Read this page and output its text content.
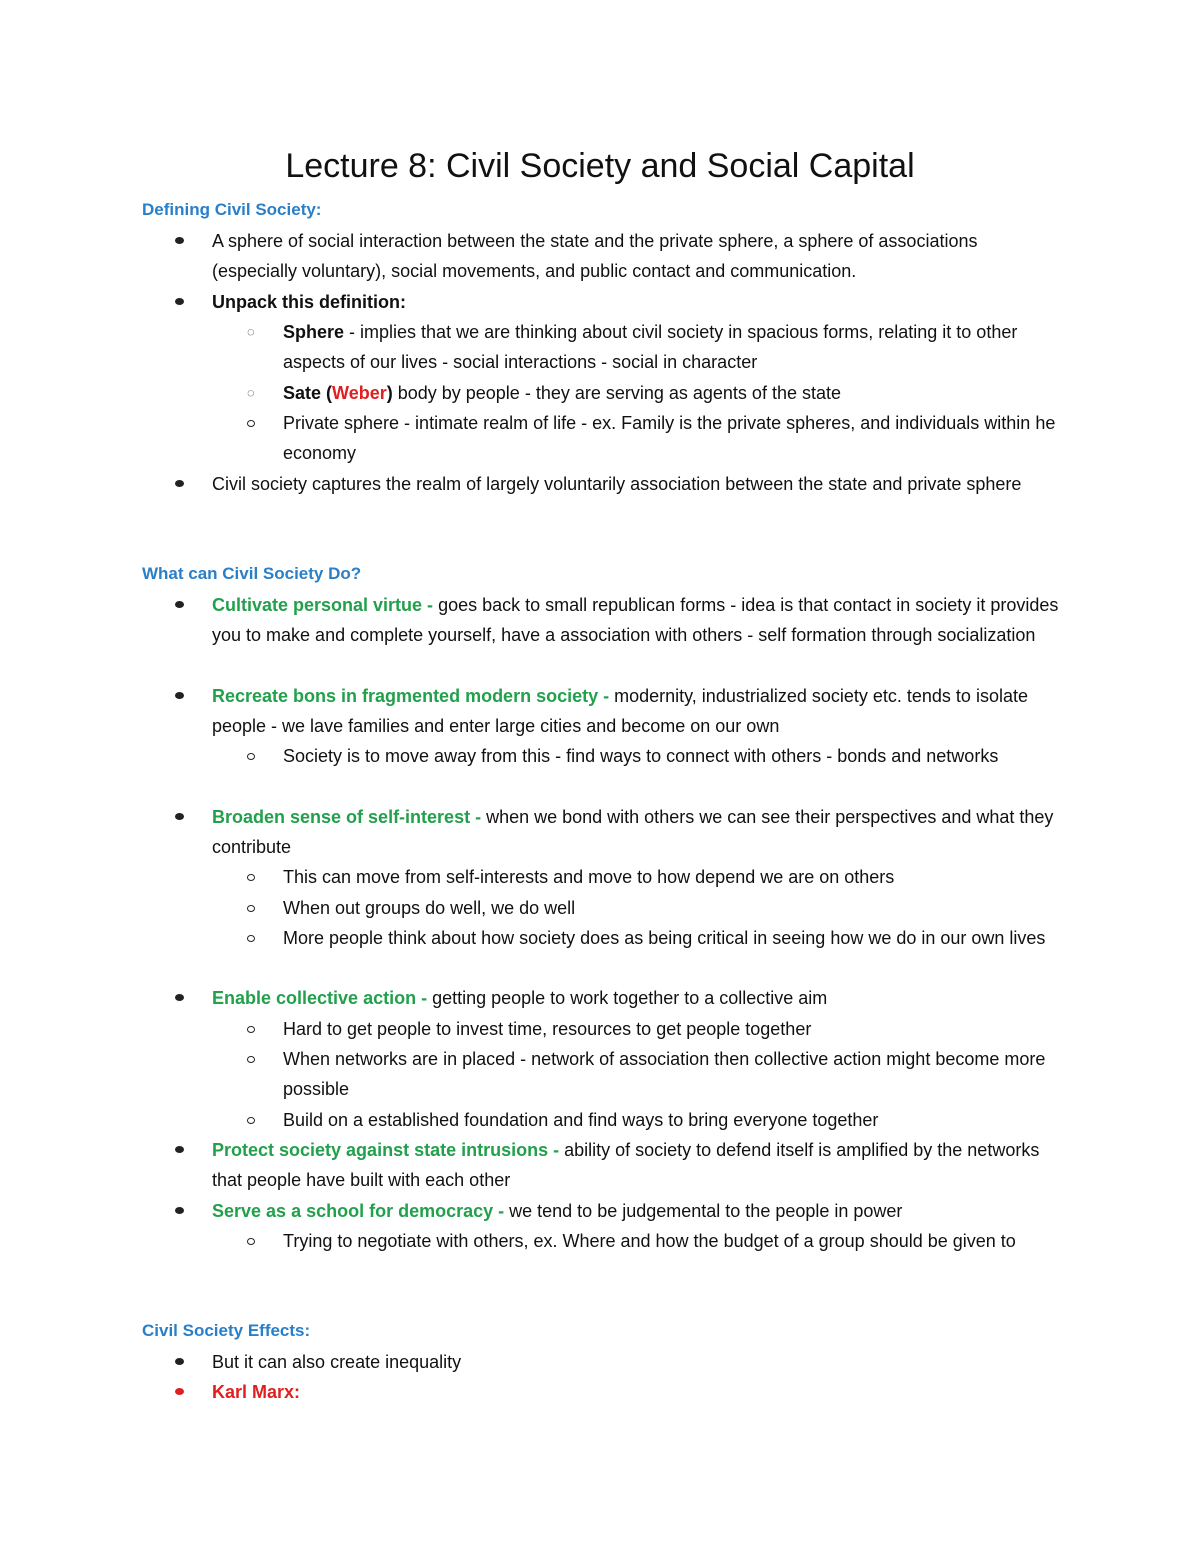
Lecture 8: Civil Society and Social Capital
Defining Civil Society:
A sphere of social interaction between the state and the private sphere, a sphere of associations (especially voluntary), social movements, and public contact and communication.
Unpack this definition:
◌ Sphere - implies that we are thinking about civil society in spacious forms, relating it to other aspects of our lives - social interactions - social in character
◌ Sate (Weber) body by people - they are serving as agents of the state
Private sphere - intimate realm of life - ex. Family is the private spheres, and individuals within he economy
Civil society captures the realm of largely voluntarily association between the state and private sphere
What can Civil Society Do?
Cultivate personal virtue - goes back to small republican forms - idea is that contact in society it provides you to make and complete yourself, have a association with others - self formation through socialization
Recreate bons in fragmented modern society - modernity, industrialized society etc. tends to isolate people - we lave families and enter large cities and become on our own
Society is to move away from this - find ways to connect with others - bonds and networks
Broaden sense of self-interest - when we bond with others we can see their perspectives and what they contribute
This can move from self-interests and move to how depend we are on others
When out groups do well, we do well
More people think about how society does as being critical in seeing how we do in our own lives
Enable collective action - getting people to work together to a collective aim
Hard to get people to invest time, resources to get people together
When networks are in placed - network of association then collective action might become more possible
Build on a established foundation and find ways to bring everyone together
Protect society against state intrusions - ability of society to defend itself is amplified by the networks that people have built with each other
Serve as a school for democracy - we tend to be judgemental to the people in power
Trying to negotiate with others, ex. Where and how the budget of a group should be given to
Civil Society Effects:
But it can also create inequality
Karl Marx:
